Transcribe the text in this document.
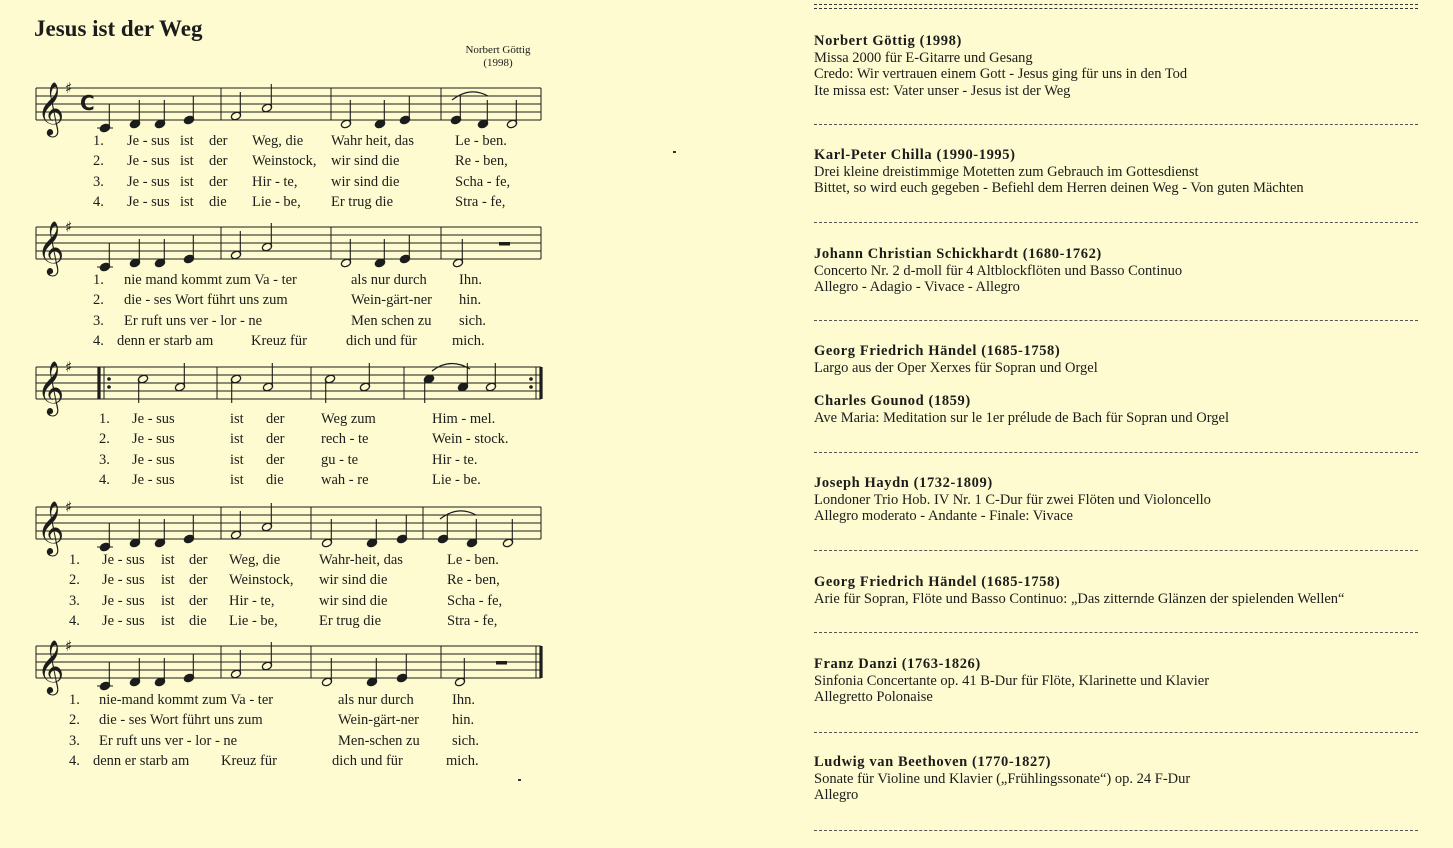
Jesus ist der Weg
Norbert Göttig
(1998)
𝄞 ♯
C
𝄞 ♯
𝄞 ♯
𝄞 ♯
𝄞 ♯
1. Je - sus ist der Weg, die Wahr heit, das	Le - ben.
2. Je - sus ist der Weinstock, wir sind die	Re - ben,
3. Je - sus ist der Hir - te, wir sind die	Scha - fe,
4. Je - sus ist die Lie - be, Er trug die	Stra - fe,
1. nie mand kommt zum Va - ter	als nur durch Ihn.
2. die - ses Wort führt uns zum	Wein-gärt-ner hin.
3. Er ruft uns ver - lor - ne	Men schen zu sich.
4. denn er starb am	Kreuz für	dich und für mich.
1. Je - sus	ist der	Weg zum	Him - mel.
2. Je - sus	ist der	rech - te	Wein - stock.
3. Je - sus	ist der	gu - te	Hir - te.
4. Je - sus	ist die	wah - re	Lie - be.
1. Je - sus ist der Weg, die	Wahr-heit, das	Le - ben.
2. Je - sus ist der Weinstock, wir sind die	Re - ben,
3. Je - sus ist der Hir - te,	wir sind die	Scha - fe,
4. Je - sus ist die Lie - be,	Er trug die	Stra - fe,
1. nie-mand kommt zum Va - ter	als nur durch	Ihn.
2. die - ses Wort führt uns zum	Wein-gärt-ner hin.
3. Er ruft uns ver - lor - ne	Men-schen zu sich.
4. denn er starb am Kreuz für	dich und für	mich.
Norbert Göttig (1998)
Missa 2000 für E-Gitarre und Gesang
Credo: Wir vertrauen einem Gott - Jesus ging für uns in den Tod
Ite missa est: Vater unser - Jesus ist der Weg
Karl-Peter Chilla (1990-1995)
Drei kleine dreistimmige Motetten zum Gebrauch im Gottesdienst
Bittet, so wird euch gegeben - Befiehl dem Herren deinen Weg - Von guten Mächten
Johann Christian Schickhardt (1680-1762)
Concerto Nr. 2 d-moll für 4 Altblockflöten und Basso Continuo
Allegro - Adagio - Vivace - Allegro
Georg Friedrich Händel (1685-1758)
Largo aus der Oper Xerxes für Sopran und Orgel
Charles Gounod (1859)
Ave Maria: Meditation sur le 1er prélude de Bach für Sopran und Orgel
Joseph Haydn (1732-1809)
Londoner Trio Hob. IV Nr. 1 C-Dur für zwei Flöten und Violoncello
Allegro moderato - Andante - Finale: Vivace
Georg Friedrich Händel (1685-1758)
Arie für Sopran, Flöte und Basso Continuo: „Das zitternde Glänzen der spielenden Wellen“
Franz Danzi (1763-1826)
Sinfonia Concertante op. 41 B-Dur für Flöte, Klarinette und Klavier
Allegretto Polonaise
Ludwig van Beethoven (1770-1827)
Sonate für Violine und Klavier („Frühlingssonate“) op. 24 F-Dur
Allegro
